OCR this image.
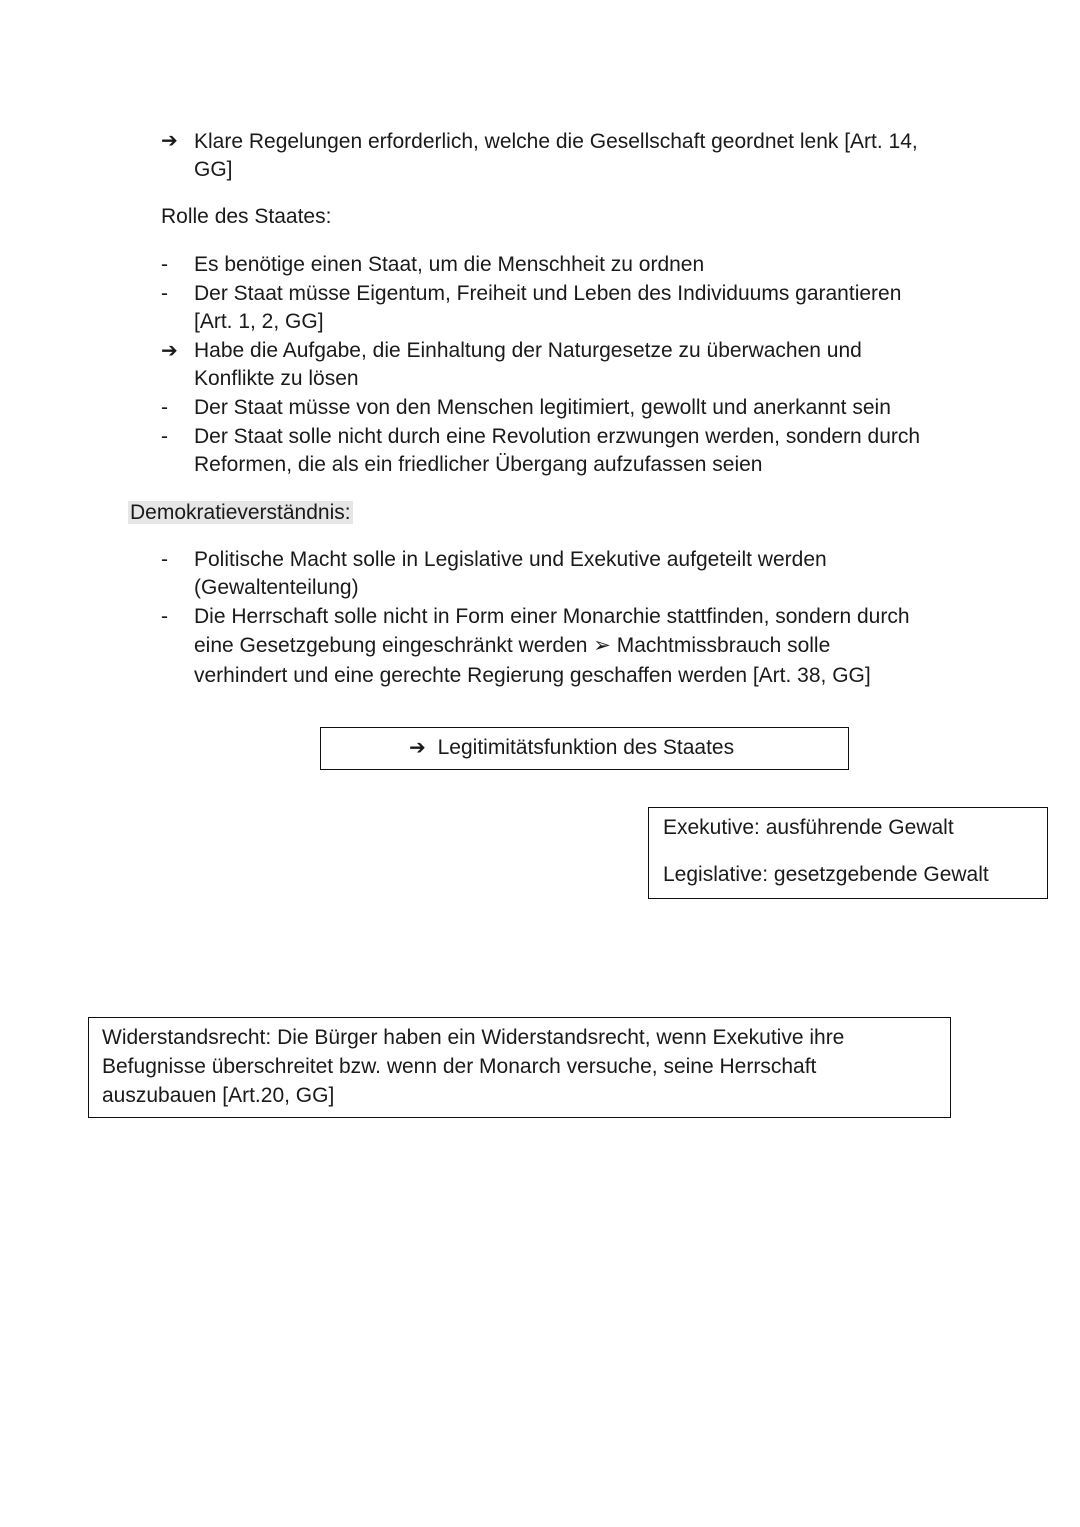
➔ Klare Regelungen erforderlich, welche die Gesellschaft geordnet lenk [Art. 14,
GG]
Rolle des Staates:
-	Es benötige einen Staat, um die Menschheit zu ordnen
-	Der Staat müsse Eigentum, Freiheit und Leben des Individuums garantieren
[Art. 1, 2, GG]
➔ Habe die Aufgabe, die Einhaltung der Naturgesetze zu überwachen und
Konflikte zu lösen
-	Der Staat müsse von den Menschen legitimiert, gewollt und anerkannt sein
-	Der Staat solle nicht durch eine Revolution erzwungen werden, sondern durch
Reformen, die als ein friedlicher Übergang aufzufassen seien
Demokratieverständnis:
-	Politische Macht solle in Legislative und Exekutive aufgeteilt werden
(Gewaltenteilung)
-	Die Herrschaft solle nicht in Form einer Monarchie stattfinden, sondern durch
eine Gesetzgebung eingeschränkt werden ➢ Machtmissbrauch solle
verhindert und eine gerechte Regierung geschaffen werden [Art. 38, GG]
➔ Legitimitätsfunktion des Staates
Exekutive: ausführende Gewalt
Legislative: gesetzgebende Gewalt
Widerstandsrecht: Die Bürger haben ein Widerstandsrecht, wenn Exekutive ihre
Befugnisse überschreitet bzw. wenn der Monarch versuche, seine Herrschaft
auszubauen [Art.20, GG]
